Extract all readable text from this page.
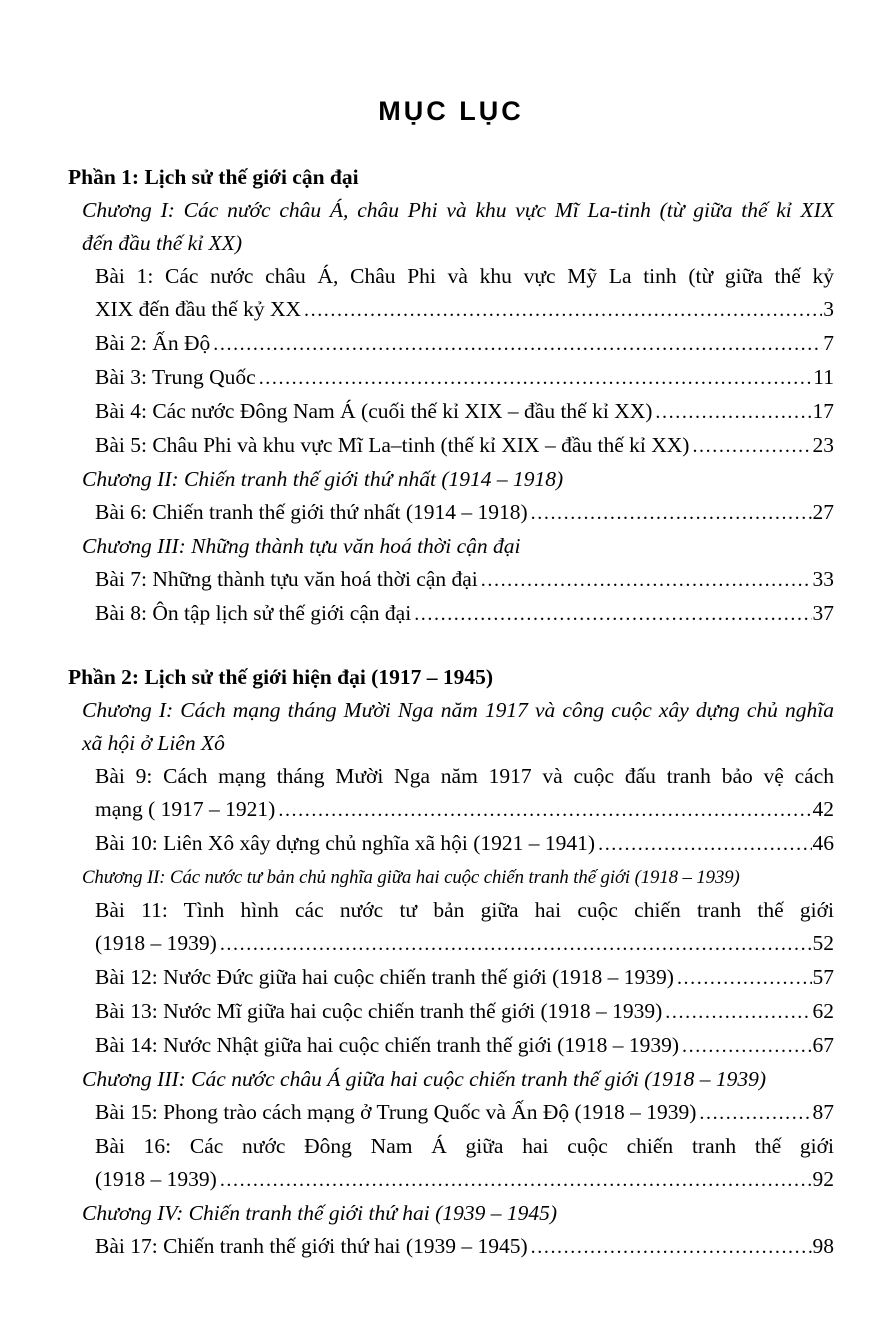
MỤC LỤC
Phần 1: Lịch sử thế giới cận đại
Chương I: Các nước châu Á, châu Phi và khu vực Mĩ La-tinh (từ giữa thế kỉ XIX
đến đầu thế kỉ XX)
Bài 1: Các nước châu Á, Châu Phi và khu vực Mỹ La tinh (từ giữa thế kỷ
XIX đến đầu thế kỷ XX .....	3
Bài 2: Ấn Độ .....	7
Bài 3: Trung Quốc .....	11
Bài 4: Các nước Đông Nam Á (cuối thế kỉ XIX – đầu thế kỉ XX) .....	17
Bài 5: Châu Phi và khu vực Mĩ La–tinh (thế kỉ XIX – đầu thế kỉ XX) .....	23
Chương II: Chiến tranh thế giới thứ nhất (1914 – 1918)
Bài 6: Chiến tranh thế giới thứ nhất (1914 – 1918) .....	27
Chương III: Những thành tựu văn hoá thời cận đại
Bài 7: Những thành tựu văn hoá thời cận đại .....	33
Bài 8: Ôn tập lịch sử thế giới cận đại .....	37
Phần 2: Lịch sử thế giới hiện đại (1917 – 1945)
Chương I: Cách mạng tháng Mười Nga năm 1917 và công cuộc xây dựng chủ nghĩa
xã hội ở Liên Xô
Bài 9: Cách mạng tháng Mười Nga năm 1917 và cuộc đấu tranh bảo vệ cách
mạng ( 1917 – 1921) .....	42
Bài 10: Liên Xô xây dựng chủ nghĩa xã hội (1921 – 1941) .....	46
Chương II: Các nước tư bản chủ nghĩa giữa hai cuộc chiến tranh thế giới (1918 – 1939)
Bài 11: Tình hình các nước tư bản giữa hai cuộc chiến tranh thế giới
(1918 – 1939) .....	52
Bài 12: Nước Đức giữa hai cuộc chiến tranh thế giới (1918 – 1939) .....	57
Bài 13: Nước Mĩ giữa hai cuộc chiến tranh thế giới (1918 – 1939) .....	62
Bài 14: Nước Nhật giữa hai cuộc chiến tranh thế giới (1918 – 1939) .....	67
Chương III: Các nước châu Á giữa hai cuộc chiến tranh thế giới (1918 – 1939)
Bài 15: Phong trào cách mạng ở Trung Quốc và Ấn Độ (1918 – 1939) .....	87
Bài 16: Các nước Đông Nam Á giữa hai cuộc chiến tranh thế giới
(1918 – 1939) .....	92
Chương IV: Chiến tranh thế giới thứ hai (1939 – 1945)
Bài 17: Chiến tranh thế giới thứ hai (1939 – 1945) .....	98
